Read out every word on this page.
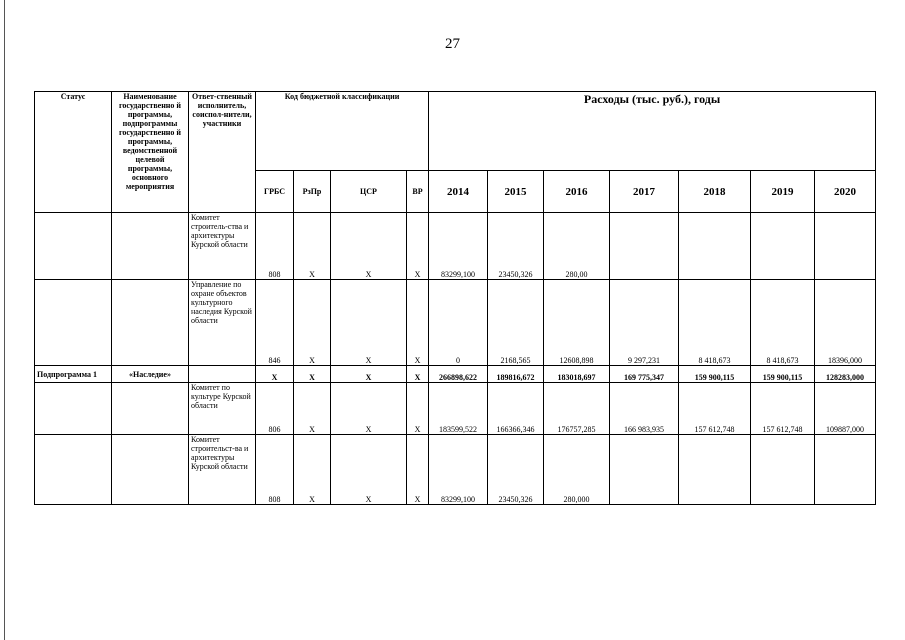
27
Статус	Наименование государственно й программы, подпрограммы государственно й программы, ведомственной целевой программы, основного мероприятия	Ответ-ственный исполнитель, соиспол-нители, участники	Код бюджетной классификации				Расходы (тыс. руб.), годы						
			ГРБС	РзПр	ЦСР	ВР	2014	2015	2016	2017	2018	2019	2020
		Комитет строитель-ства и архитектуры Курской области	808	Х	Х	Х	83299,100	23450,326	280,00				
		Управление по охране объектов культурного наследия Курской области	846	Х	Х	Х	0	2168,565	12608,898	9 297,231	8 418,673	8 418,673	18396,000
Подпрограмма 1	«Наследие»		Х	Х	Х	Х	266898,622	189816,672	183018,697	169 775,347	159 900,115	159 900,115	128283,000
		Комитет по культуре Курской области	806	Х	Х	Х	183599,522	166366,346	176757,285	166 983,935	157 612,748	157 612,748	109887,000
		Комитет строительст-ва и архитектуры Курской области	808	Х	Х	Х	83299,100	23450,326	280,000				
